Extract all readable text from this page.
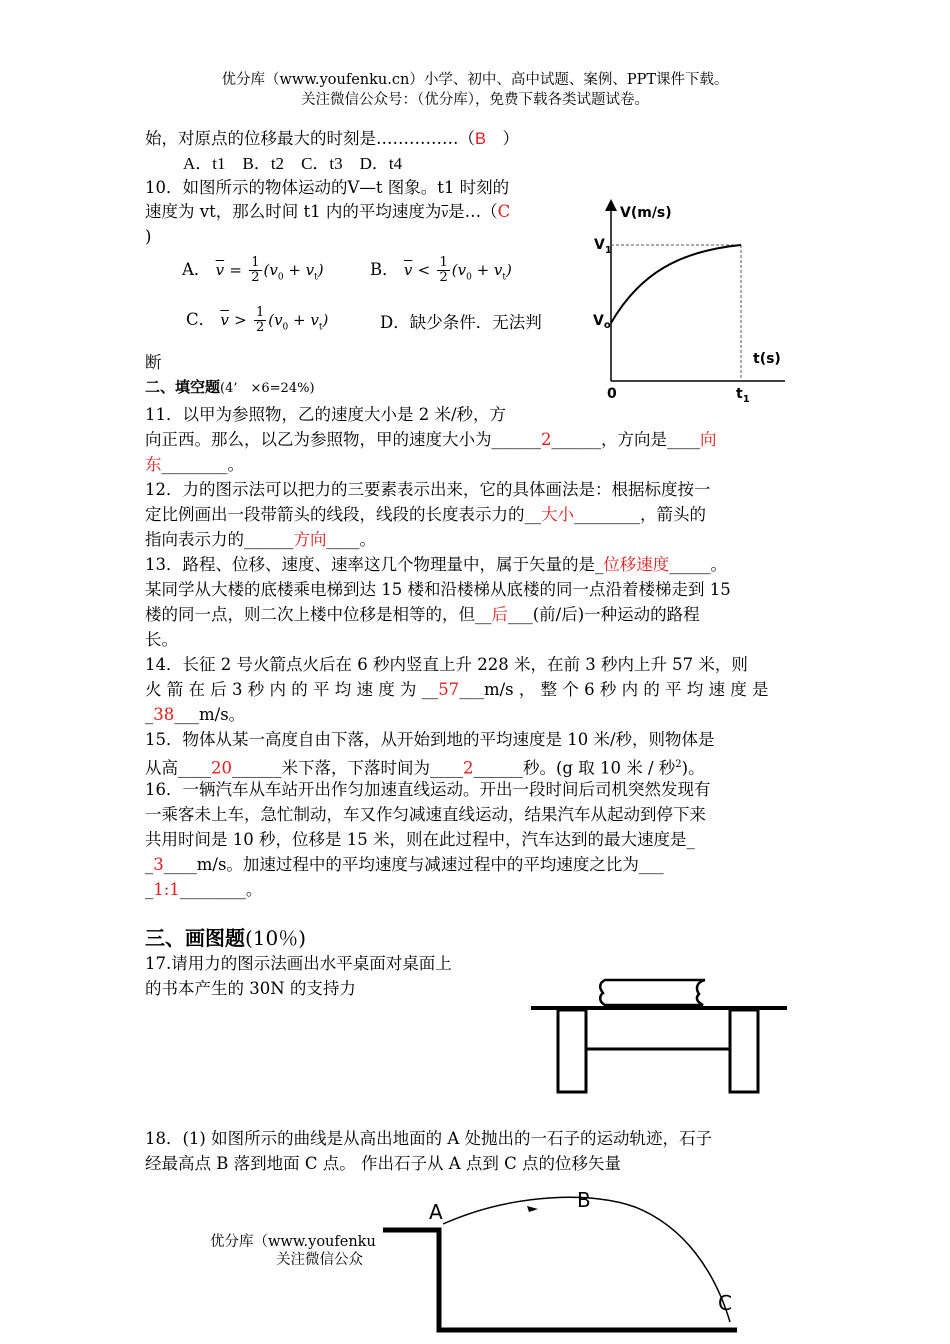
优分库（www.youfenku.cn）小学、初中、高中试题、案例、PPT课件下载。
关注微信公众号：（优分库），免费下载各类试题试卷。
始，对原点的位移最大的时刻是……………（B　 ）
A．t1　 B．t2　 C．t3　 D．t4
10．如图所示的物体运动的V—t 图象。t1 时刻的
速度为 vt，那么时间 t1 内的平均速度为$\overline{v}$是…（C
)
A． $\overline{v} = \frac{1}{2} (v_0 + v_t)$	B． $\overline{v} < \frac{1}{2} (v_0 + v_t)$
C． $\overline{v} > \frac{1}{2} (v_0 + v_t)$	D．缺少条件．无法判
断
V(m/s)
t(s)
$V_1$
$V_o$
0	$t_1$
二、填空题(4’　×6=24%)
11．以甲为参照物，乙的速度大小是 2 米/秒，方
向正西。那么，以乙为参照物，甲的速度大小为______2______，方向是____向
东________。
12．力的图示法可以把力的三要素表示出来，它的具体画法是：根据标度按一
定比例画出一段带箭头的线段，线段的长度表示力的__大小________，箭头的
指向表示力的______方向____。
13．路程、位移、速度、速率这几个物理量中，属于矢量的是_位移速度_____。
某同学从大楼的底楼乘电梯到达 15 楼和沿楼梯从底楼的同一点沿着楼梯走到 15
楼的同一点，则二次上楼中位移是相等的，但__后___(前/后)一种运动的路程
长。
14．长征 2 号火箭点火后在 6 秒内竖直上升 228 米，在前 3 秒内上升 57 米，则
火 箭 在 后 3 秒 内 的 平 均 速 度 为 __57___m/s ， 整 个 6 秒 内 的 平 均 速 度 是
_38___m/s。
15．物体从某一高度自由下落，从开始到地的平均速度是 10 米/秒，则物体是
从高____20______米下落，下落时间为____2______秒。(g 取 10 米 / 秒$^2$)。
16．一辆汽车从车站开出作匀加速直线运动。开出一段时间后司机突然发现有
一乘客未上车，急忙制动，车又作匀减速直线运动，结果汽车从起动到停下来
共用时间是 10 秒，位移是 15 米，则在此过程中，汽车达到的最大速度是_
_3____m/s。加速过程中的平均速度与减速过程中的平均速度之比为___
_1:1________。
三、画图题(10％)
17.请用力的图示法画出水平桌面对桌面上
的书本产生的 30N 的支持力
18．(1) 如图所示的曲线是从高出地面的 A 处抛出的一石子的运动轨迹，石子
经最高点 B 落到地面 C 点。 作出石子从 A 点到 C 点的位移矢量
A	B
C
优分库（www.youfenku
关注微信公众
